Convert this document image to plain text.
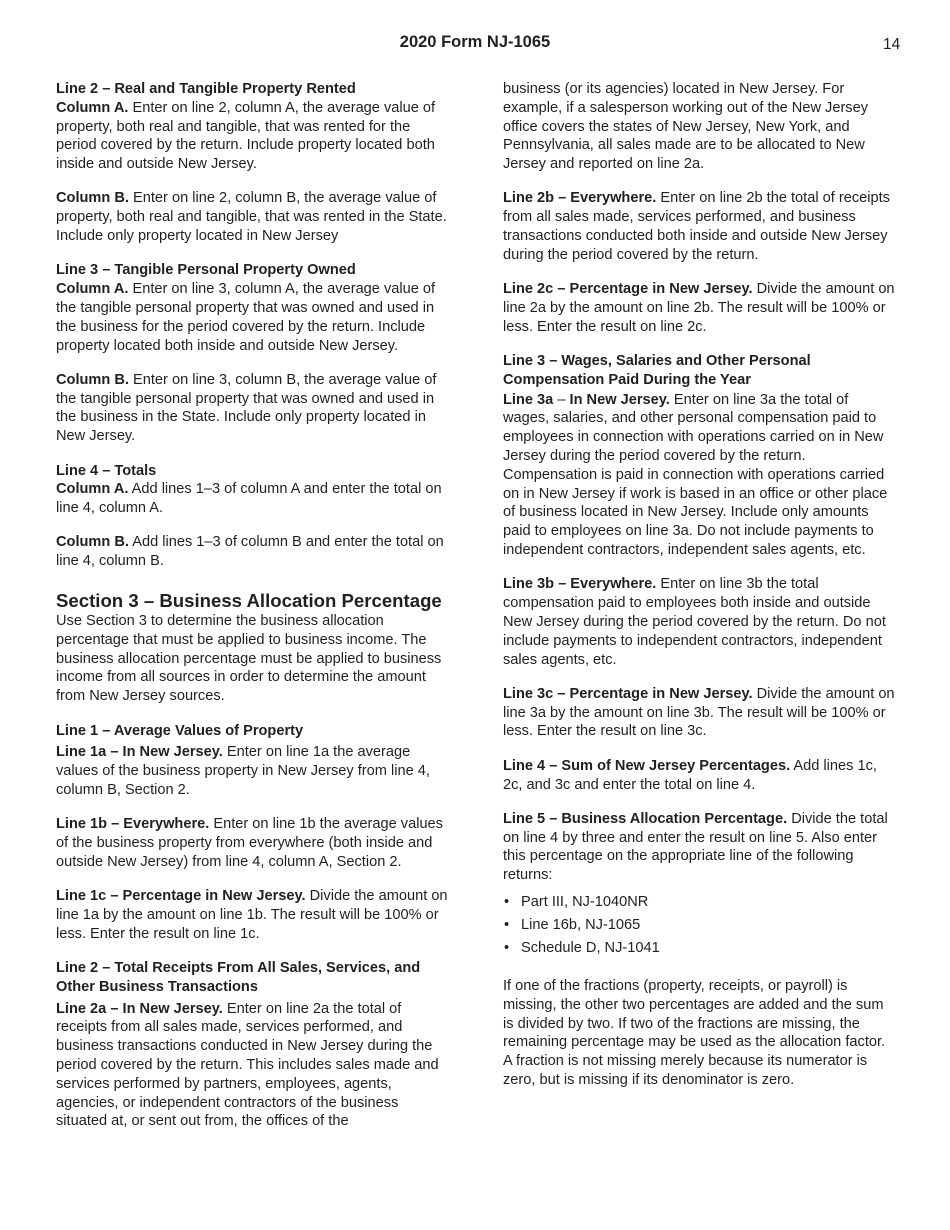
2020 Form NJ-1065	14
Line 2 – Real and Tangible Property Rented

Column A. Enter on line 2, column A, the average value of property, both real and tangible, that was rented for the period covered by the return. Include property located both inside and outside New Jersey.

Column B. Enter on line 2, column B, the average value of property, both real and tangible, that was rented in the State. Include only property located in New Jersey

Line 3 – Tangible Personal Property Owned

Column A. Enter on line 3, column A, the average value of the tangible personal property that was owned and used in the business for the period covered by the return. Include property located both inside and outside New Jersey.

Column B. Enter on line 3, column B, the average value of the tangible personal property that was owned and used in the business in the State. Include only property located in New Jersey.

Line 4 – Totals

Column A. Add lines 1–3 of column A and enter the total on line 4, column A.

Column B. Add lines 1–3 of column B and enter the total on line 4, column B.

Section 3 – Business Allocation Percentage

Use Section 3 to determine the business allocation percentage that must be applied to business income. The business allocation percentage must be applied to business income from all sources in order to determine the amount from New Jersey sources.

Line 1 – Average Values of Property

Line 1a – In New Jersey. Enter on line 1a the average values of the business property in New Jersey from line 4, column B, Section 2.

Line 1b – Everywhere. Enter on line 1b the average values of the business property from everywhere (both inside and outside New Jersey) from line 4, column A, Section 2.

Line 1c – Percentage in New Jersey. Divide the amount on line 1a by the amount on line 1b. The result will be 100% or less. Enter the result on line 1c.

Line 2 – Total Receipts From All Sales, Services, and Other Business Transactions

Line 2a – In New Jersey. Enter on line 2a the total of receipts from all sales made, services performed, and business transactions conducted in New Jersey during the period covered by the return. This includes sales made and services performed by partners, employees, agents, agencies, or independent contractors of the business situated at, or sent out from, the offices of the

business (or its agencies) located in New Jersey. For example, if a salesperson working out of the New Jersey office covers the states of New Jersey, New York, and Pennsylvania, all sales made are to be allocated to New Jersey and reported on line 2a.

Line 2b – Everywhere. Enter on line 2b the total of receipts from all sales made, services performed, and business transactions conducted both inside and outside New Jersey during the period covered by the return.

Line 2c – Percentage in New Jersey. Divide the amount on line 2a by the amount on line 2b. The result will be 100% or less. Enter the result on line 2c.

Line 3 – Wages, Salaries and Other Personal Compensation Paid During the Year

Line 3a – In New Jersey. Enter on line 3a the total of wages, salaries, and other personal compensation paid to employees in connection with operations carried on in New Jersey during the period covered by the return. Compensation is paid in connection with operations carried on in New Jersey if work is based in an office or other place of business located in New Jersey. Include only amounts paid to employees on line 3a. Do not include payments to independent contractors, independent sales agents, etc.

Line 3b – Everywhere. Enter on line 3b the total compensation paid to employees both inside and outside New Jersey during the period covered by the return. Do not include payments to independent contractors, independent sales agents, etc.

Line 3c – Percentage in New Jersey. Divide the amount on line 3a by the amount on line 3b. The result will be 100% or less. Enter the result on line 3c.

Line 4 – Sum of New Jersey Percentages. Add lines 1c, 2c, and 3c and enter the total on line 4.

Line 5 – Business Allocation Percentage. Divide the total on line 4 by three and enter the result on line 5. Also enter this percentage on the appropriate line of the following returns:

• Part III, NJ-1040NR
• Line 16b, NJ-1065
• Schedule D, NJ-1041

If one of the fractions (property, receipts, or payroll) is missing, the other two percentages are added and the sum is divided by two. If two of the fractions are missing, the remaining percentage may be used as the allocation factor. A fraction is not missing merely because its numerator is zero, but is missing if its denominator is zero.
